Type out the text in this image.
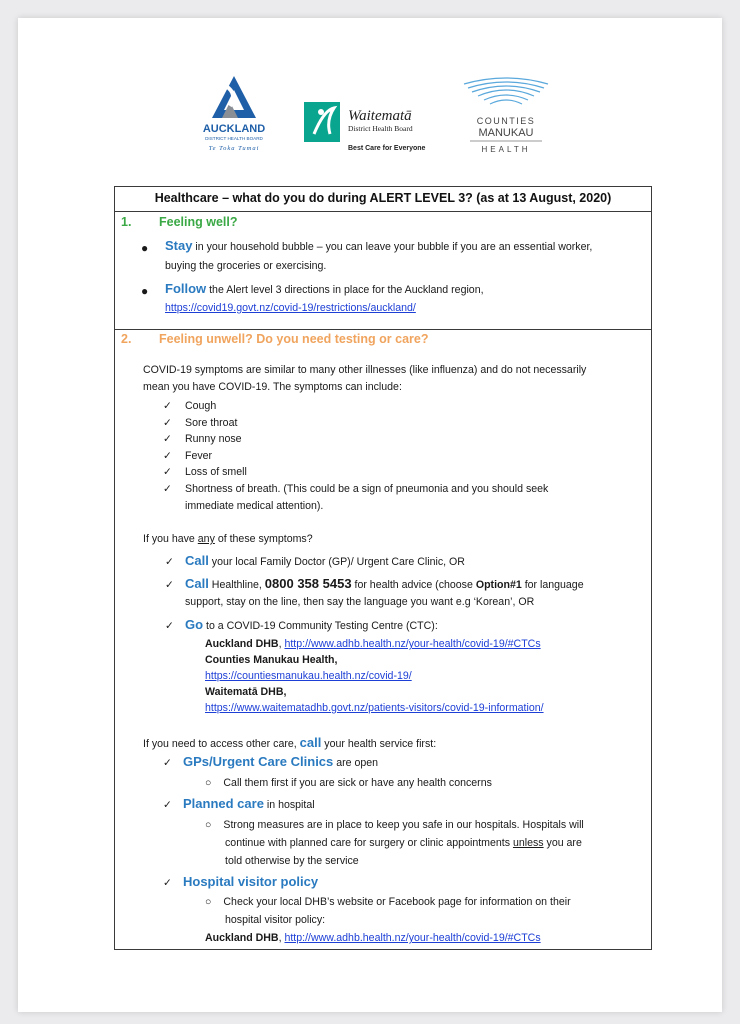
AUCKLAND
DISTRICT HEALTH BOARD
Te Toka Tumai
Waitematā
District Health Board
Best Care for Everyone
COUNTIES
MANUKAU
HEALTH
Healthcare – what do you do during ALERT LEVEL 3? (as at 13 August, 2020)
1. Feeling well?
● Stay in your household bubble – you can leave your bubble if you are an essential worker,
buying the groceries or exercising.
● Follow the Alert level 3 directions in place for the Auckland region,
https://covid19.govt.nz/covid-19/restrictions/auckland/
2. Feeling unwell? Do you need testing or care?
COVID-19 symptoms are similar to many other illnesses (like influenza) and do not necessarily
mean you have COVID-19. The symptoms can include:
✓ Cough
✓ Sore throat
✓ Runny nose
✓ Fever
✓ Loss of smell
✓ Shortness of breath. (This could be a sign of pneumonia and you should seek
immediate medical attention).
If you have any of these symptoms?
✓ Call your local Family Doctor (GP)/ Urgent Care Clinic, OR
✓ Call Healthline, 0800 358 5453 for health advice (choose Option#1 for language
support, stay on the line, then say the language you want e.g ‘Korean’, OR
✓ Go to a COVID-19 Community Testing Centre (CTC):
Auckland DHB, http://www.adhb.health.nz/your-health/covid-19/#CTCs
Counties Manukau Health,
https://countiesmanukau.health.nz/covid-19/
Waitematā DHB,
https://www.waitematadhb.govt.nz/patients-visitors/covid-19-information/
If you need to access other care, call your health service first:
✓ GPs/Urgent Care Clinics are open
○ Call them first if you are sick or have any health concerns
✓ Planned care in hospital
○ Strong measures are in place to keep you safe in our hospitals. Hospitals will
continue with planned care for surgery or clinic appointments unless you are
told otherwise by the service
✓ Hospital visitor policy
○ Check your local DHB’s website or Facebook page for information on their
hospital visitor policy:
Auckland DHB, http://www.adhb.health.nz/your-health/covid-19/#CTCs
